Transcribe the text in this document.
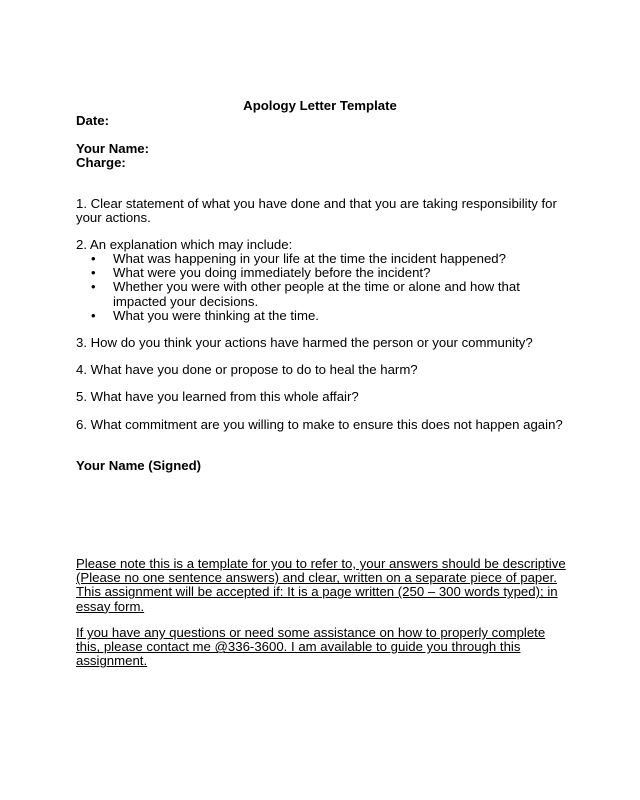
Apology Letter Template
Date:
Your Name:
Charge:
1. Clear statement of what you have done and that you are taking responsibility for your actions.
2. An explanation which may include:
• What was happening in your life at the time the incident happened?
• What were you doing immediately before the incident?
• Whether you were with other people at the time or alone and how that impacted your decisions.
• What you were thinking at the time.
3. How do you think your actions have harmed the person or your community?
4. What have you done or propose to do to heal the harm?
5. What have you learned from this whole affair?
6. What commitment are you willing to make to ensure this does not happen again?
Your Name (Signed)
Please note this is a template for you to refer to, your answers should be descriptive (Please no one sentence answers) and clear, written on a separate piece of paper. This assignment will be accepted if: It is a page written (250 – 300 words typed); in essay form.
If you have any questions or need some assistance on how to properly complete this, please contact me @336-3600. I am available to guide you through this assignment.
